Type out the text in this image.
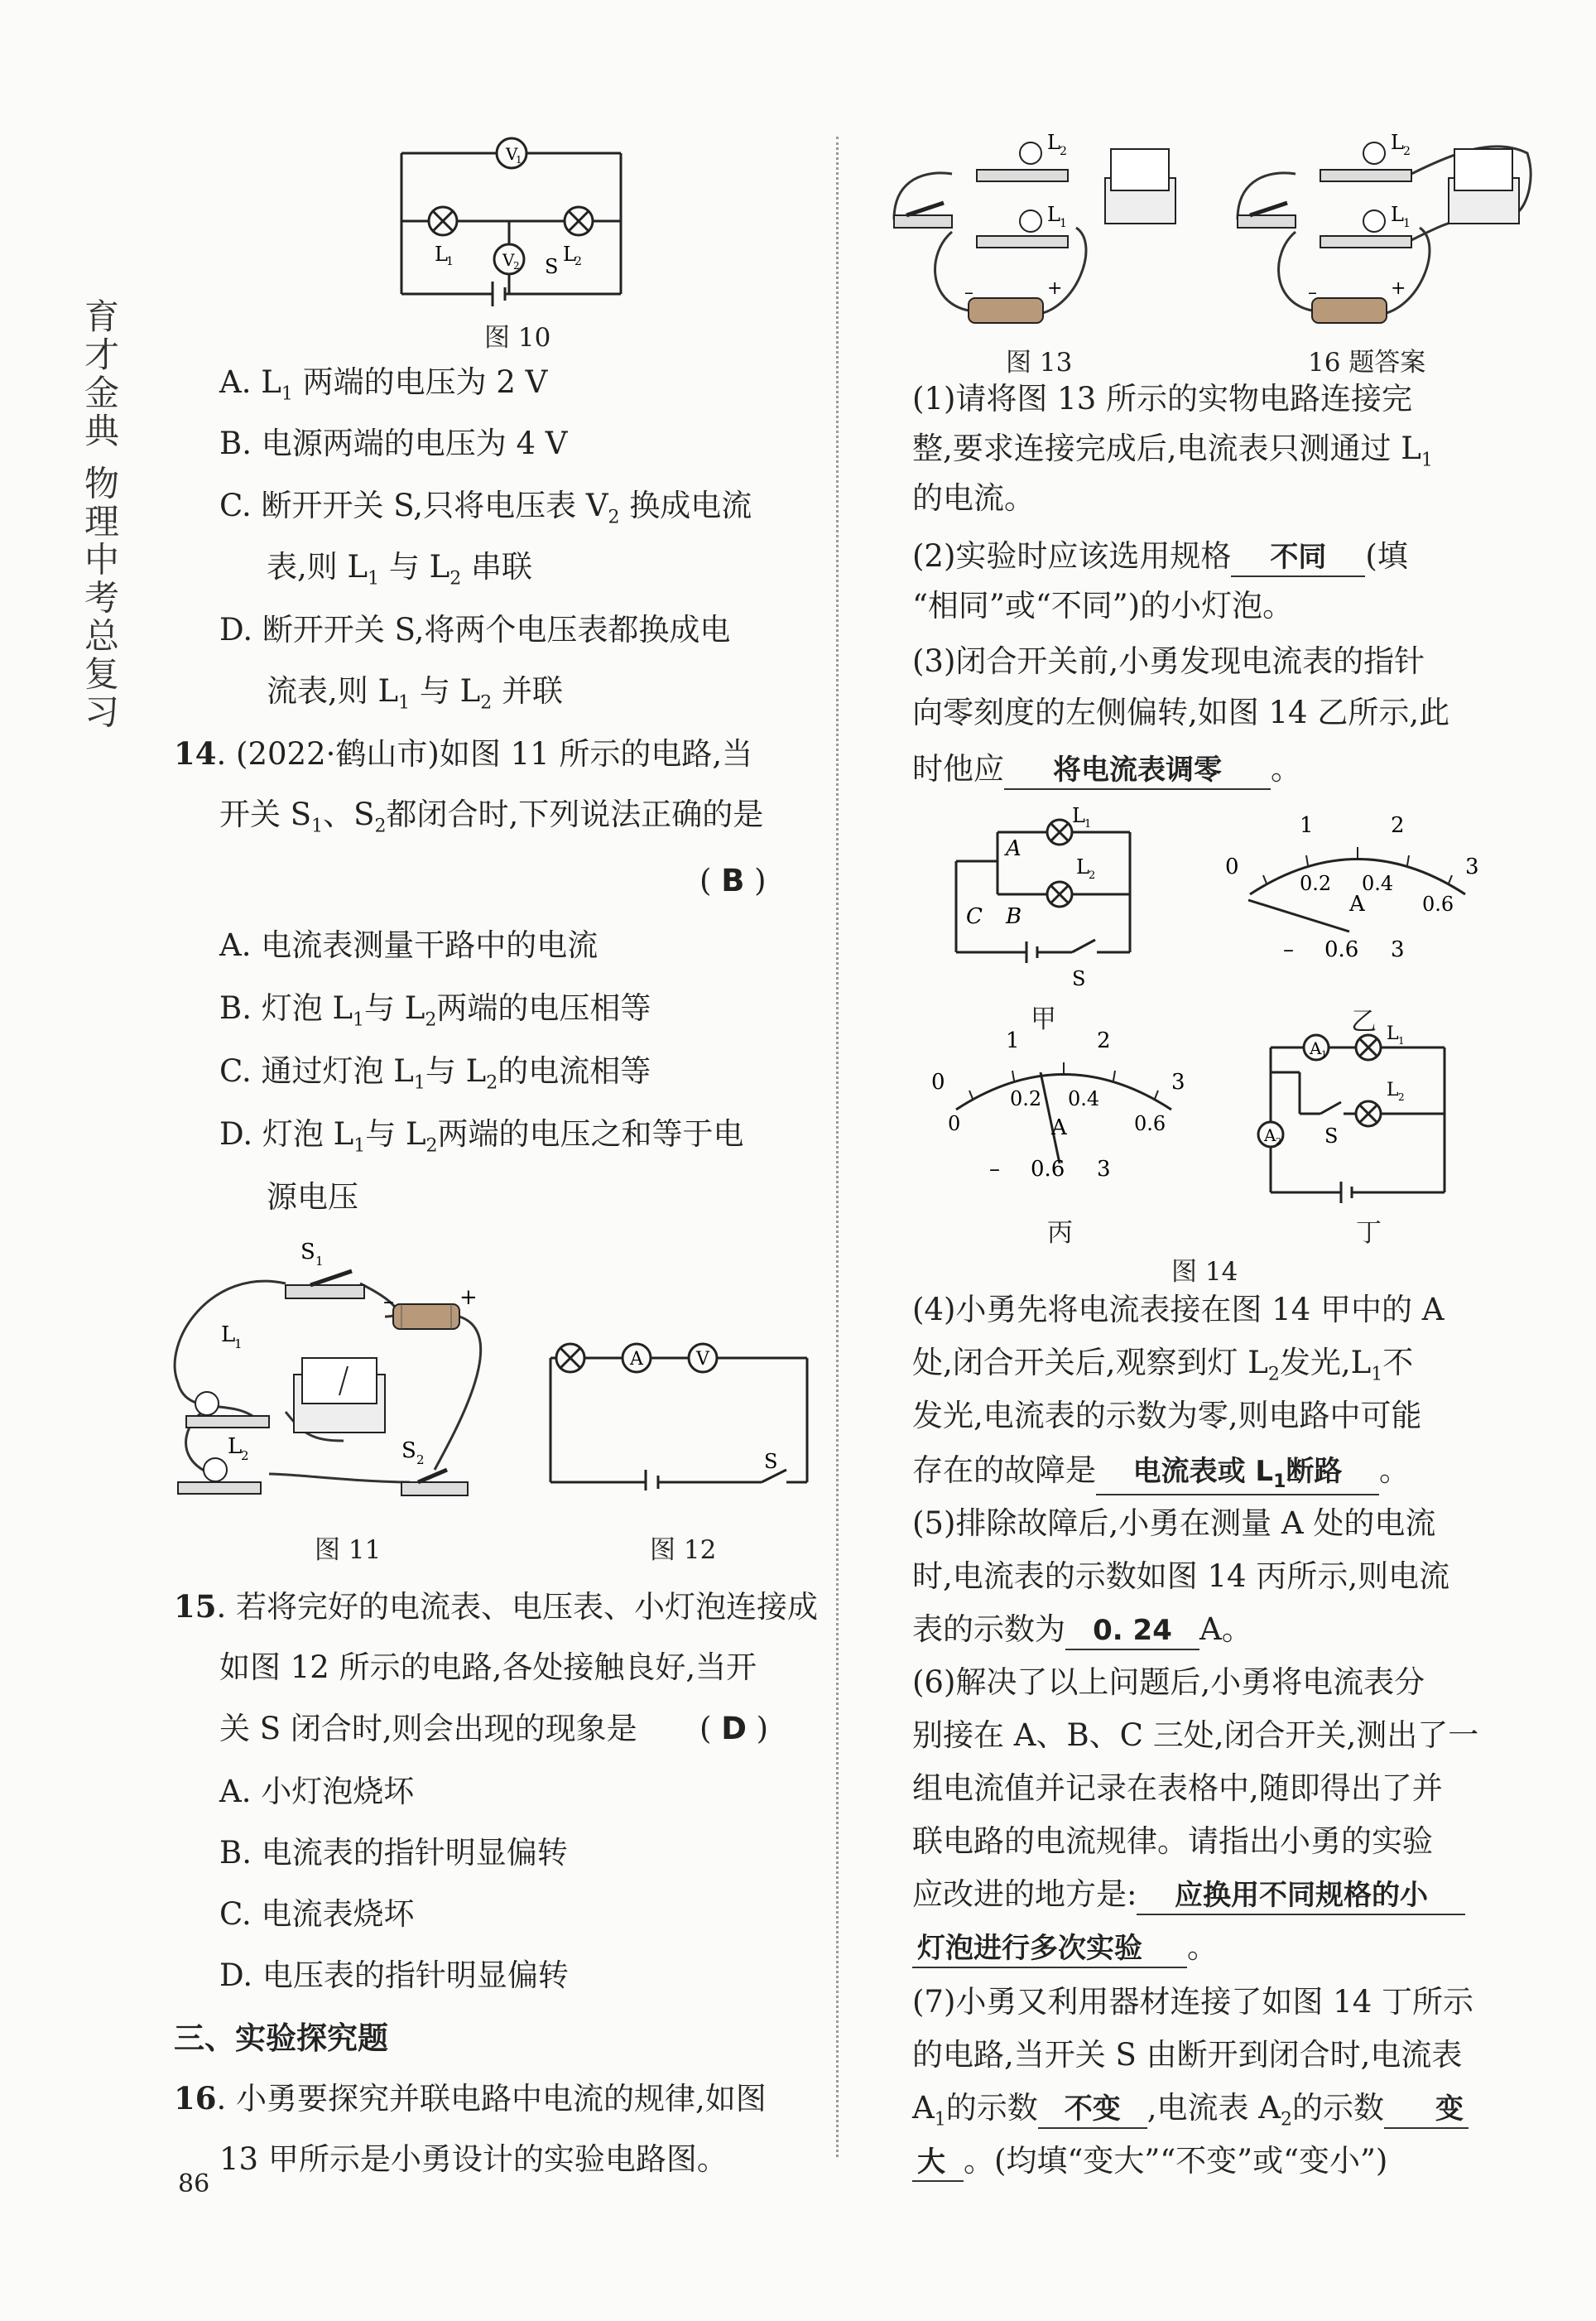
育才金典 物理中考总复习
V
1
V
2
L
1	L
2
S
图 10
A. $L_1$ 两端的电压为 2 V
B. 电源两端的电压为 4 V
C. 断开开关 S,只将电压表 $V_2$ 换成电流
表,则 $L_1$ 与 $L_2$ 串联
D. 断开开关 S,将两个电压表都换成电
流表,则 $L_1$ 与 $L_2$ 并联
14. (2022·鹤山市)如图 11 所示的电路,当
开关 $S_1$、$S_2$都闭合时,下列说法正确的是
( B )
A. 电流表测量干路中的电流
B. 灯泡 $L_1$与 $L_2$两端的电压相等
C. 通过灯泡 $L_1$与 $L_2$的电流相等
D. 灯泡 $L_1$与 $L_2$两端的电压之和等于电
源电压
S 1
L
1
L
2	S 2
–	+
图 11
A	V
S
图 12
15. 若将完好的电流表、电压表、小灯泡连接成
如图 12 所示的电路,各处接触良好,当开
关 S 闭合时,则会出现的现象是 ( D )
A. 小灯泡烧坏
B. 电流表的指针明显偏转
C. 电流表烧坏
D. 电压表的指针明显偏转
三、实验探究题
16. 小勇要探究并联电路中电流的规律,如图
13 甲所示是小勇设计的实验电路图。
86
L 2
L 1
–	+
L 2
L 1
–	+
图 13	16 题答案
(1)请将图 13 所示的实物电路连接完
整,要求连接完成后,电流表只测通过 $L_1$
的电流。
(2)实验时应该选用规格 不同 (填
“相同”或“不同”)的小灯泡。
(3)闭合开关前,小勇发现电流表的指针
向零刻度的左侧偏转,如图 14 乙所示,此
时他应 将电流表调零 。
L 1
L 2
A
B
C
S
甲
0
1	2
3
0.2 0.4
0.6
A
– 0.6 3
乙
0
1	2
3
0
0.2 0.4
0.6
A
– 0.6 3
丙
A 1
A 2
L 1
L 2
S
丁
图 14
(4)小勇先将电流表接在图 14 甲中的 A
处,闭合开关后,观察到灯 $L_2$发光$,L_1$不
发光,电流表的示数为零,则电路中可能
存在的故障是 电流表或 $L_1$断路 。
(5)排除故障后,小勇在测量 A 处的电流
时,电流表的示数如图 14 丙所示,则电流
表的示数为 0. 24 A。
(6)解决了以上问题后,小勇将电流表分
别接在 A、B、C 三处,闭合开关,测出了一
组电流值并记录在表格中,随即得出了并
联电路的电流规律。请指出小勇的实验
应改进的地方是: 应换用不同规格的小
灯泡进行多次实验 。
(7)小勇又利用器材连接了如图 14 丁所示
的电路,当开关 S 由断开到闭合时,电流表
$A_1$的示数 不变 ,电流表 $A_2$的示数 变
大 。(均填“变大”“不变”或“变小”)
